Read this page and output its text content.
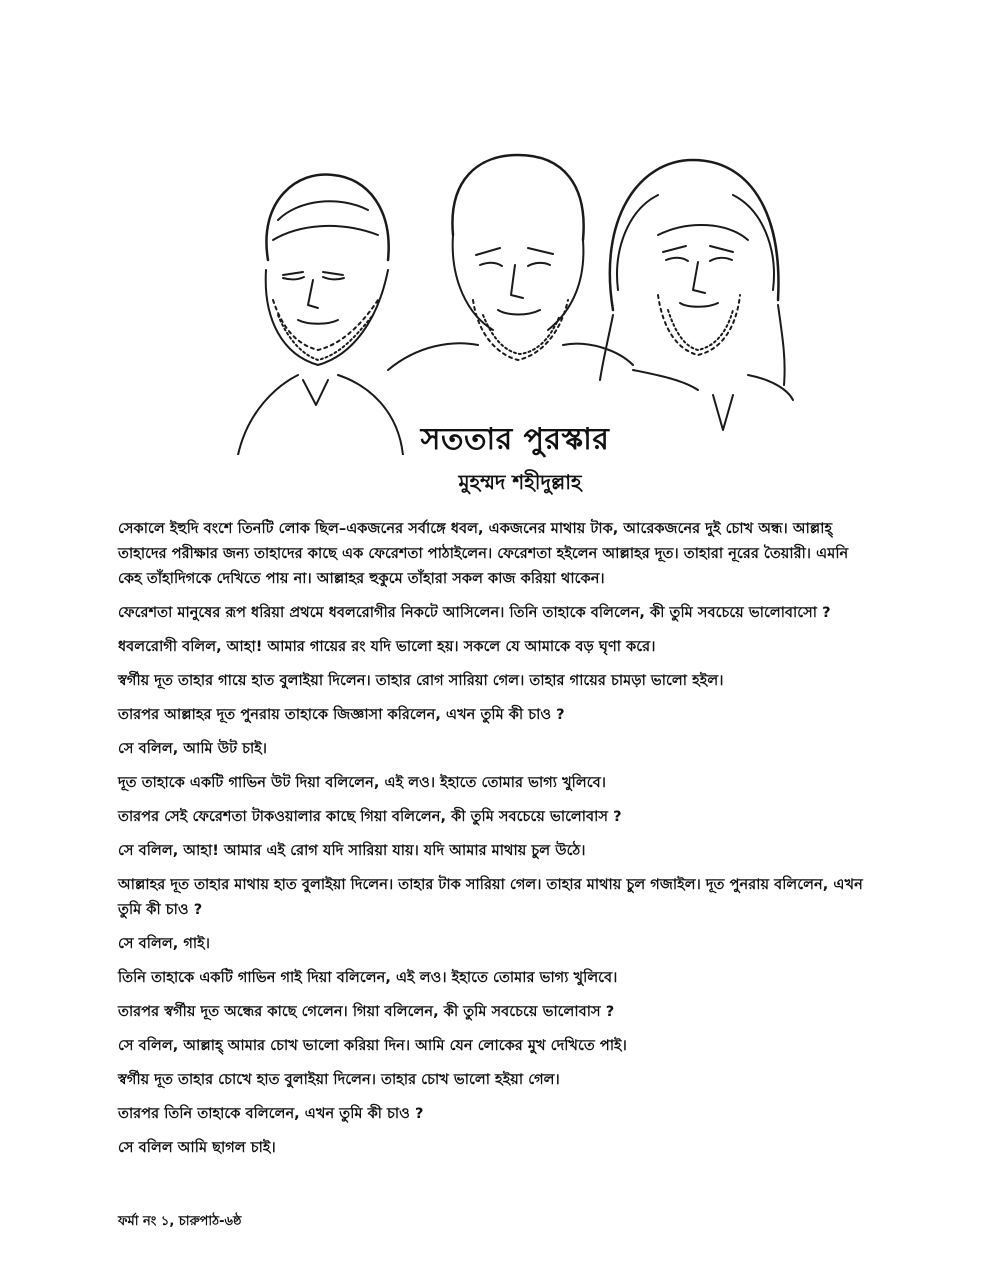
সততার পুরস্কার
মুহম্মদ শহীদুল্লাহ

সেকালে ইহুদি বংশে তিনটি লোক ছিল–একজনের সর্বাঙ্গে ধবল, একজনের মাথায় টাক, আরেকজনের দুই চোখ অন্ধ। আল্লাহ্ তাহাদের পরীক্ষার জন্য তাহাদের কাছে এক ফেরেশতা পাঠাইলেন। ফেরেশতা হইলেন আল্লাহর দূত। তাহারা নূরের তৈয়ারী। এমনি কেহ তাঁহাদিগকে দেখিতে পায় না। আল্লাহর হুকুমে তাঁহারা সকল কাজ করিয়া থাকেন।

ফেরেশতা মানুষের রূপ ধরিয়া প্রথমে ধবলরোগীর নিকটে আসিলেন। তিনি তাহাকে বলিলেন, কী তুমি সবচেয়ে ভালোবাসো ?

ধবলরোগী বলিল, আহা! আমার গায়ের রং যদি ভালো হয়। সকলে যে আমাকে বড় ঘৃণা করে।

স্বর্গীয় দূত তাহার গায়ে হাত বুলাইয়া দিলেন। তাহার রোগ সারিয়া গেল। তাহার গায়ের চামড়া ভালো হইল।

তারপর আল্লাহর দূত পুনরায় তাহাকে জিজ্ঞাসা করিলেন, এখন তুমি কী চাও ?

সে বলিল, আমি উট চাই।

দূত তাহাকে একটি গাভিন উট দিয়া বলিলেন, এই লও। ইহাতে তোমার ভাগ্য খুলিবে।

তারপর সেই ফেরেশতা টাকওয়ালার কাছে গিয়া বলিলেন, কী তুমি সবচেয়ে ভালোবাস ?

সে বলিল, আহা! আমার এই রোগ যদি সারিয়া যায়। যদি আমার মাথায় চুল উঠে।

আল্লাহর দূত তাহার মাথায় হাত বুলাইয়া দিলেন। তাহার টাক সারিয়া গেল। তাহার মাথায় চুল গজাইল। দূত পুনরায় বলিলেন, এখন তুমি কী চাও ?

সে বলিল, গাই।

তিনি তাহাকে একটি গাভিন গাই দিয়া বলিলেন, এই লও। ইহাতে তোমার ভাগ্য খুলিবে।

তারপর স্বর্গীয় দূত অন্ধের কাছে গেলেন। গিয়া বলিলেন, কী তুমি সবচেয়ে ভালোবাস ?

সে বলিল, আল্লাহ্ আমার চোখ ভালো করিয়া দিন। আমি যেন লোকের মুখ দেখিতে পাই।

স্বর্গীয় দূত তাহার চোখে হাত বুলাইয়া দিলেন। তাহার চোখ ভালো হইয়া গেল।

তারপর তিনি তাহাকে বলিলেন, এখন তুমি কী চাও ?

সে বলিল আমি ছাগল চাই।

ফর্মা নং ১, চারুপাঠ-৬ষ্ঠ
